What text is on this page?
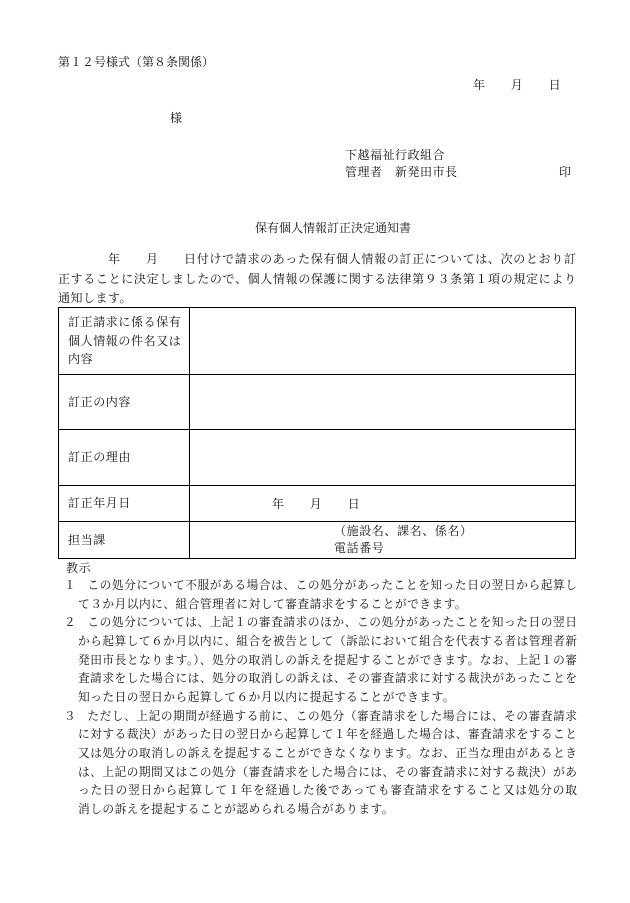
第１２号様式（第８条関係）
年　　月　　日
様
下越福祉行政組合
管理者　新発田市長	印
保有個人情報訂正決定通知書
年　　月　　日付けで請求のあった保有個人情報の訂正については、次のとおり訂
正することに決定しましたので、個人情報の保護に関する法律第９３条第１項の規定により
通知します。
訂正請求に係る保有個人情報の件名又は内容
訂正の内容
訂正の理由
訂正年月日	年　　月　　日
担当課
（施設名、課名、係名）
電話番号
教示
１ この処分について不服がある場合は、この処分があったことを知った日の翌日から起算し
て３か月以内に、組合管理者に対して審査請求をすることができます。
２ この処分については、上記１の審査請求のほか、この処分があったことを知った日の翌日
から起算して６か月以内に、組合を被告として（訴訟において組合を代表する者は管理者新
発田市長となります。）、処分の取消しの訴えを提起することができます。なお、上記１の審
査請求をした場合には、処分の取消しの訴えは、その審査請求に対する裁決があったことを
知った日の翌日から起算して６か月以内に提起することができます。
３ ただし、上記の期間が経過する前に、この処分（審査請求をした場合には、その審査請求
に対する裁決）があった日の翌日から起算して１年を経過した場合は、審査請求をすること
又は処分の取消しの訴えを提起することができなくなります。なお、正当な理由があるとき
は、上記の期間又はこの処分（審査請求をした場合には、その審査請求に対する裁決）があ
った日の翌日から起算して１年を経過した後であっても審査請求をすること又は処分の取
消しの訴えを提起することが認められる場合があります。
